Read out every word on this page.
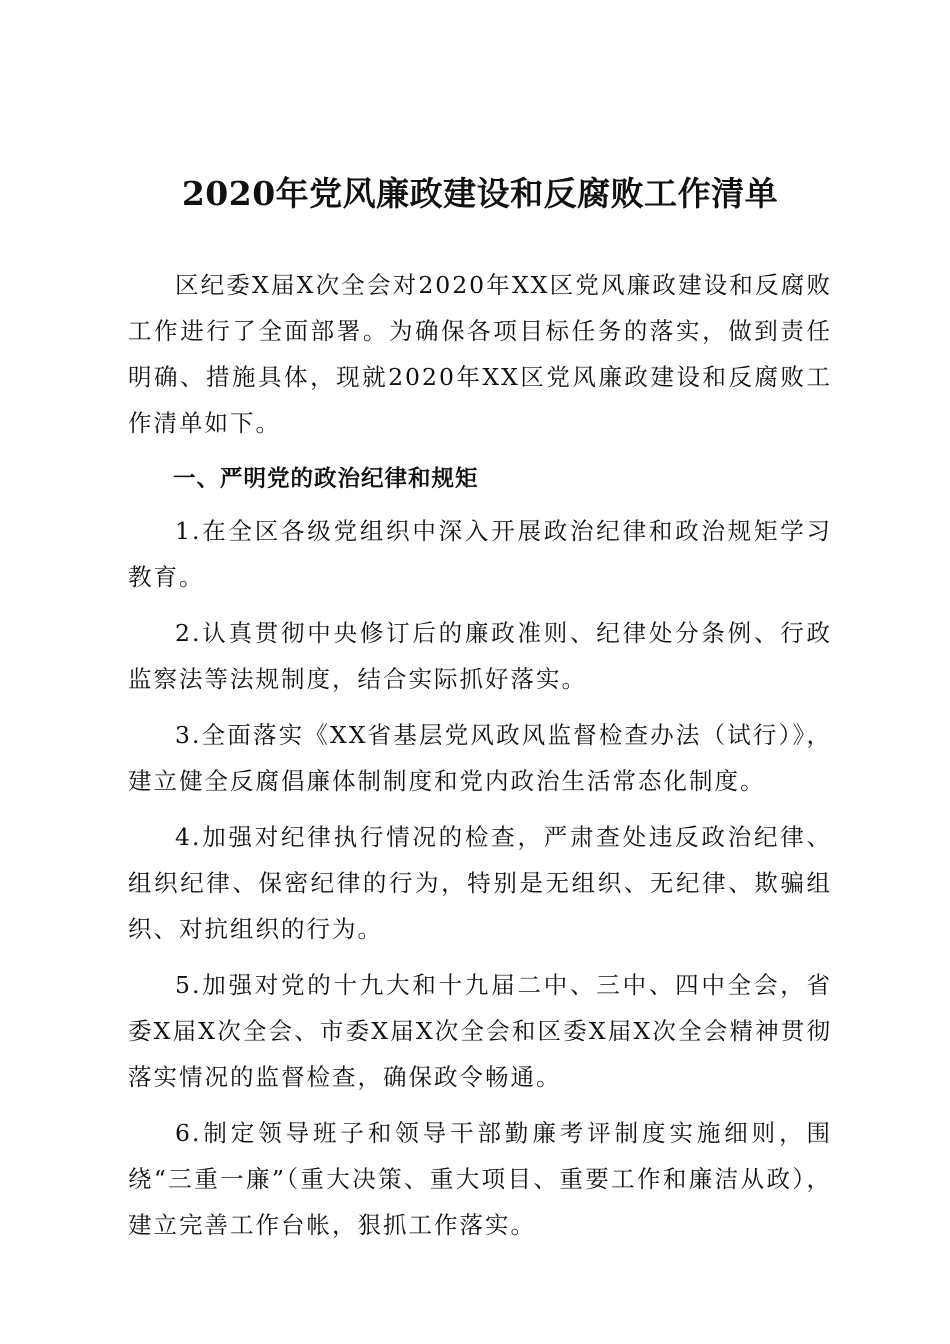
2020年党风廉政建设和反腐败工作清单

区纪委X届X次全会对2020年XX区党风廉政建设和反腐败工作进行了全面部署。为确保各项目标任务的落实，做到责任明确、措施具体，现就2020年XX区党风廉政建设和反腐败工作清单如下。

一、严明党的政治纪律和规矩

1.在全区各级党组织中深入开展政治纪律和政治规矩学习教育。

2.认真贯彻中央修订后的廉政准则、纪律处分条例、行政监察法等法规制度，结合实际抓好落实。

3.全面落实《XX省基层党风政风监督检查办法（试行）》，建立健全反腐倡廉体制制度和党内政治生活常态化制度。

4.加强对纪律执行情况的检查，严肃查处违反政治纪律、组织纪律、保密纪律的行为，特别是无组织、无纪律、欺骗组织、对抗组织的行为。

5.加强对党的十九大和十九届二中、三中、四中全会，省委X届X次全会、市委X届X次全会和区委X届X次全会精神贯彻落实情况的监督检查，确保政令畅通。

6.制定领导班子和领导干部勤廉考评制度实施细则，围绕“三重一廉”（重大决策、重大项目、重要工作和廉洁从政），建立完善工作台帐，狠抓工作落实。
